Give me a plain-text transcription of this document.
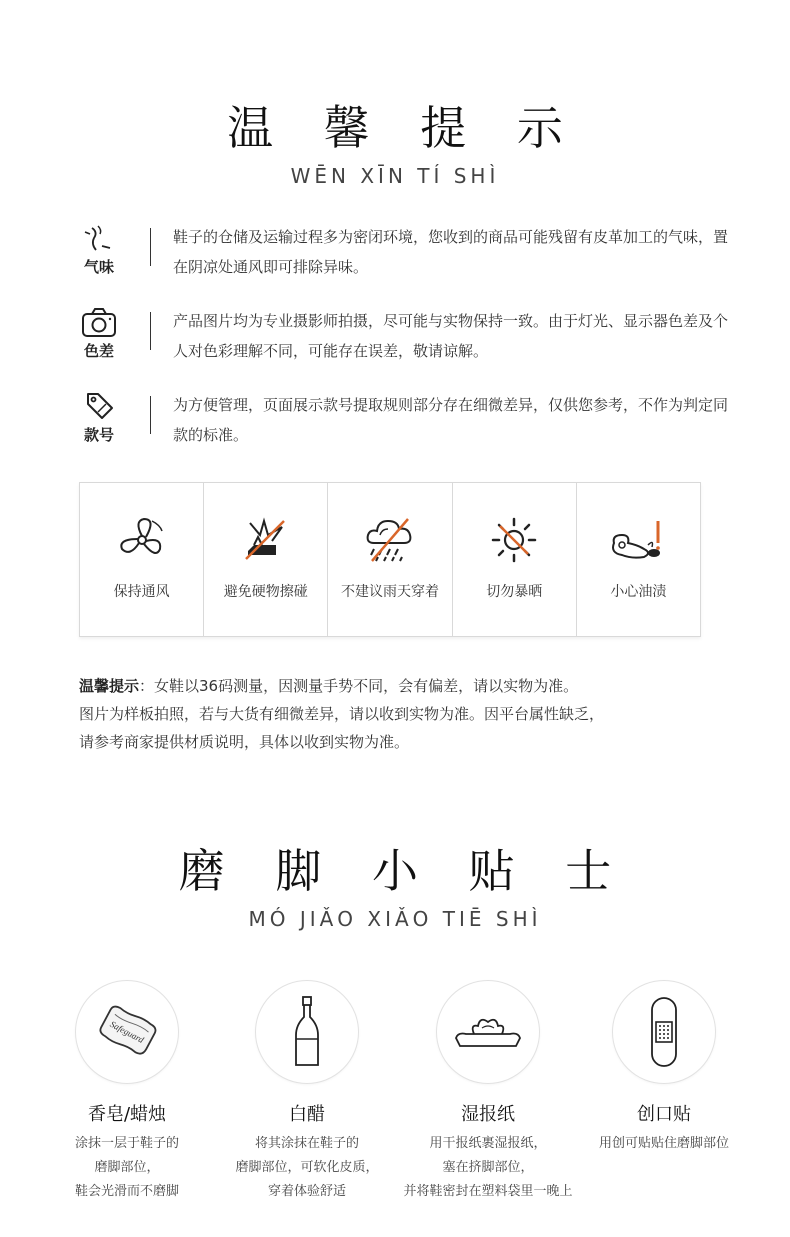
温 馨 提 示
WĒN XĪN TÍ SHÌ
气味
鞋子的仓储及运输过程多为密闭环境，您收到的商品可能残留有皮革加工的气味，置在阴凉处通风即可排除异味。
色差
产品图片均为专业摄影师拍摄，尽可能与实物保持一致。由于灯光、显示器色差及个人对色彩理解不同，可能存在误差，敬请谅解。
款号
为方便管理，页面展示款号提取规则部分存在细微差异，仅供您参考，不作为判定同款的标准。
保持通风	避免硬物擦碰	不建议雨天穿着	切勿暴晒	小心油渍
温馨提示：女鞋以36码测量，因测量手势不同，会有偏差，请以实物为准。
图片为样板拍照，若与大货有细微差异，请以收到实物为准。因平台属性缺乏，
请参考商家提供材质说明，具体以收到实物为准。
磨 脚 小 贴 士
MÓ JIǍO XIǍO TIĒ SHÌ
Safeguard
香皂/蜡烛
涂抹一层于鞋子的
磨脚部位，
鞋会光滑而不磨脚
白醋
将其涂抹在鞋子的
磨脚部位，可软化皮质，
穿着体验舒适
湿报纸
用干报纸裹湿报纸，
塞在挤脚部位，
并将鞋密封在塑料袋里一晚上
创口贴
用创可贴贴住磨脚部位
